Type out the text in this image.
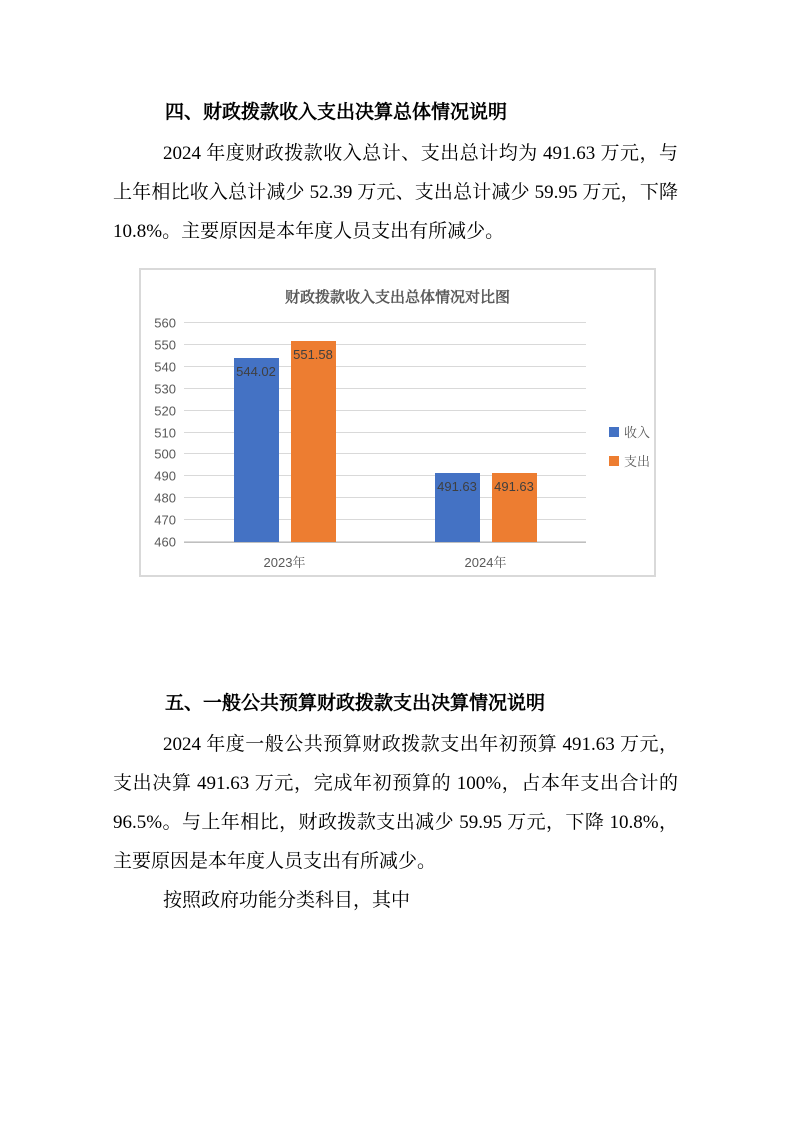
四、财政拨款收入支出决算总体情况说明

2024 年度财政拨款收入总计、支出总计均为 491.63 万元，与上年相比收入总计减少 52.39 万元、支出总计减少 59.95 万元，下降 10.8%。主要原因是本年度人员支出有所减少。

财政拨款收入支出总体情况对比图
460
470
480
490
500
510
520
530
540
550
560
544.02
551.58
2023年
491.63 491.63
2024年
收入
支出
五、一般公共预算财政拨款支出决算情况说明

2024 年度一般公共预算财政拨款支出年初预算 491.63 万元，支出决算 491.63 万元，完成年初预算的 100%，占本年支出合计的 96.5%。与上年相比，财政拨款支出减少 59.95 万元，下降 10.8%，主要原因是本年度人员支出有所减少。

按照政府功能分类科目，其中
